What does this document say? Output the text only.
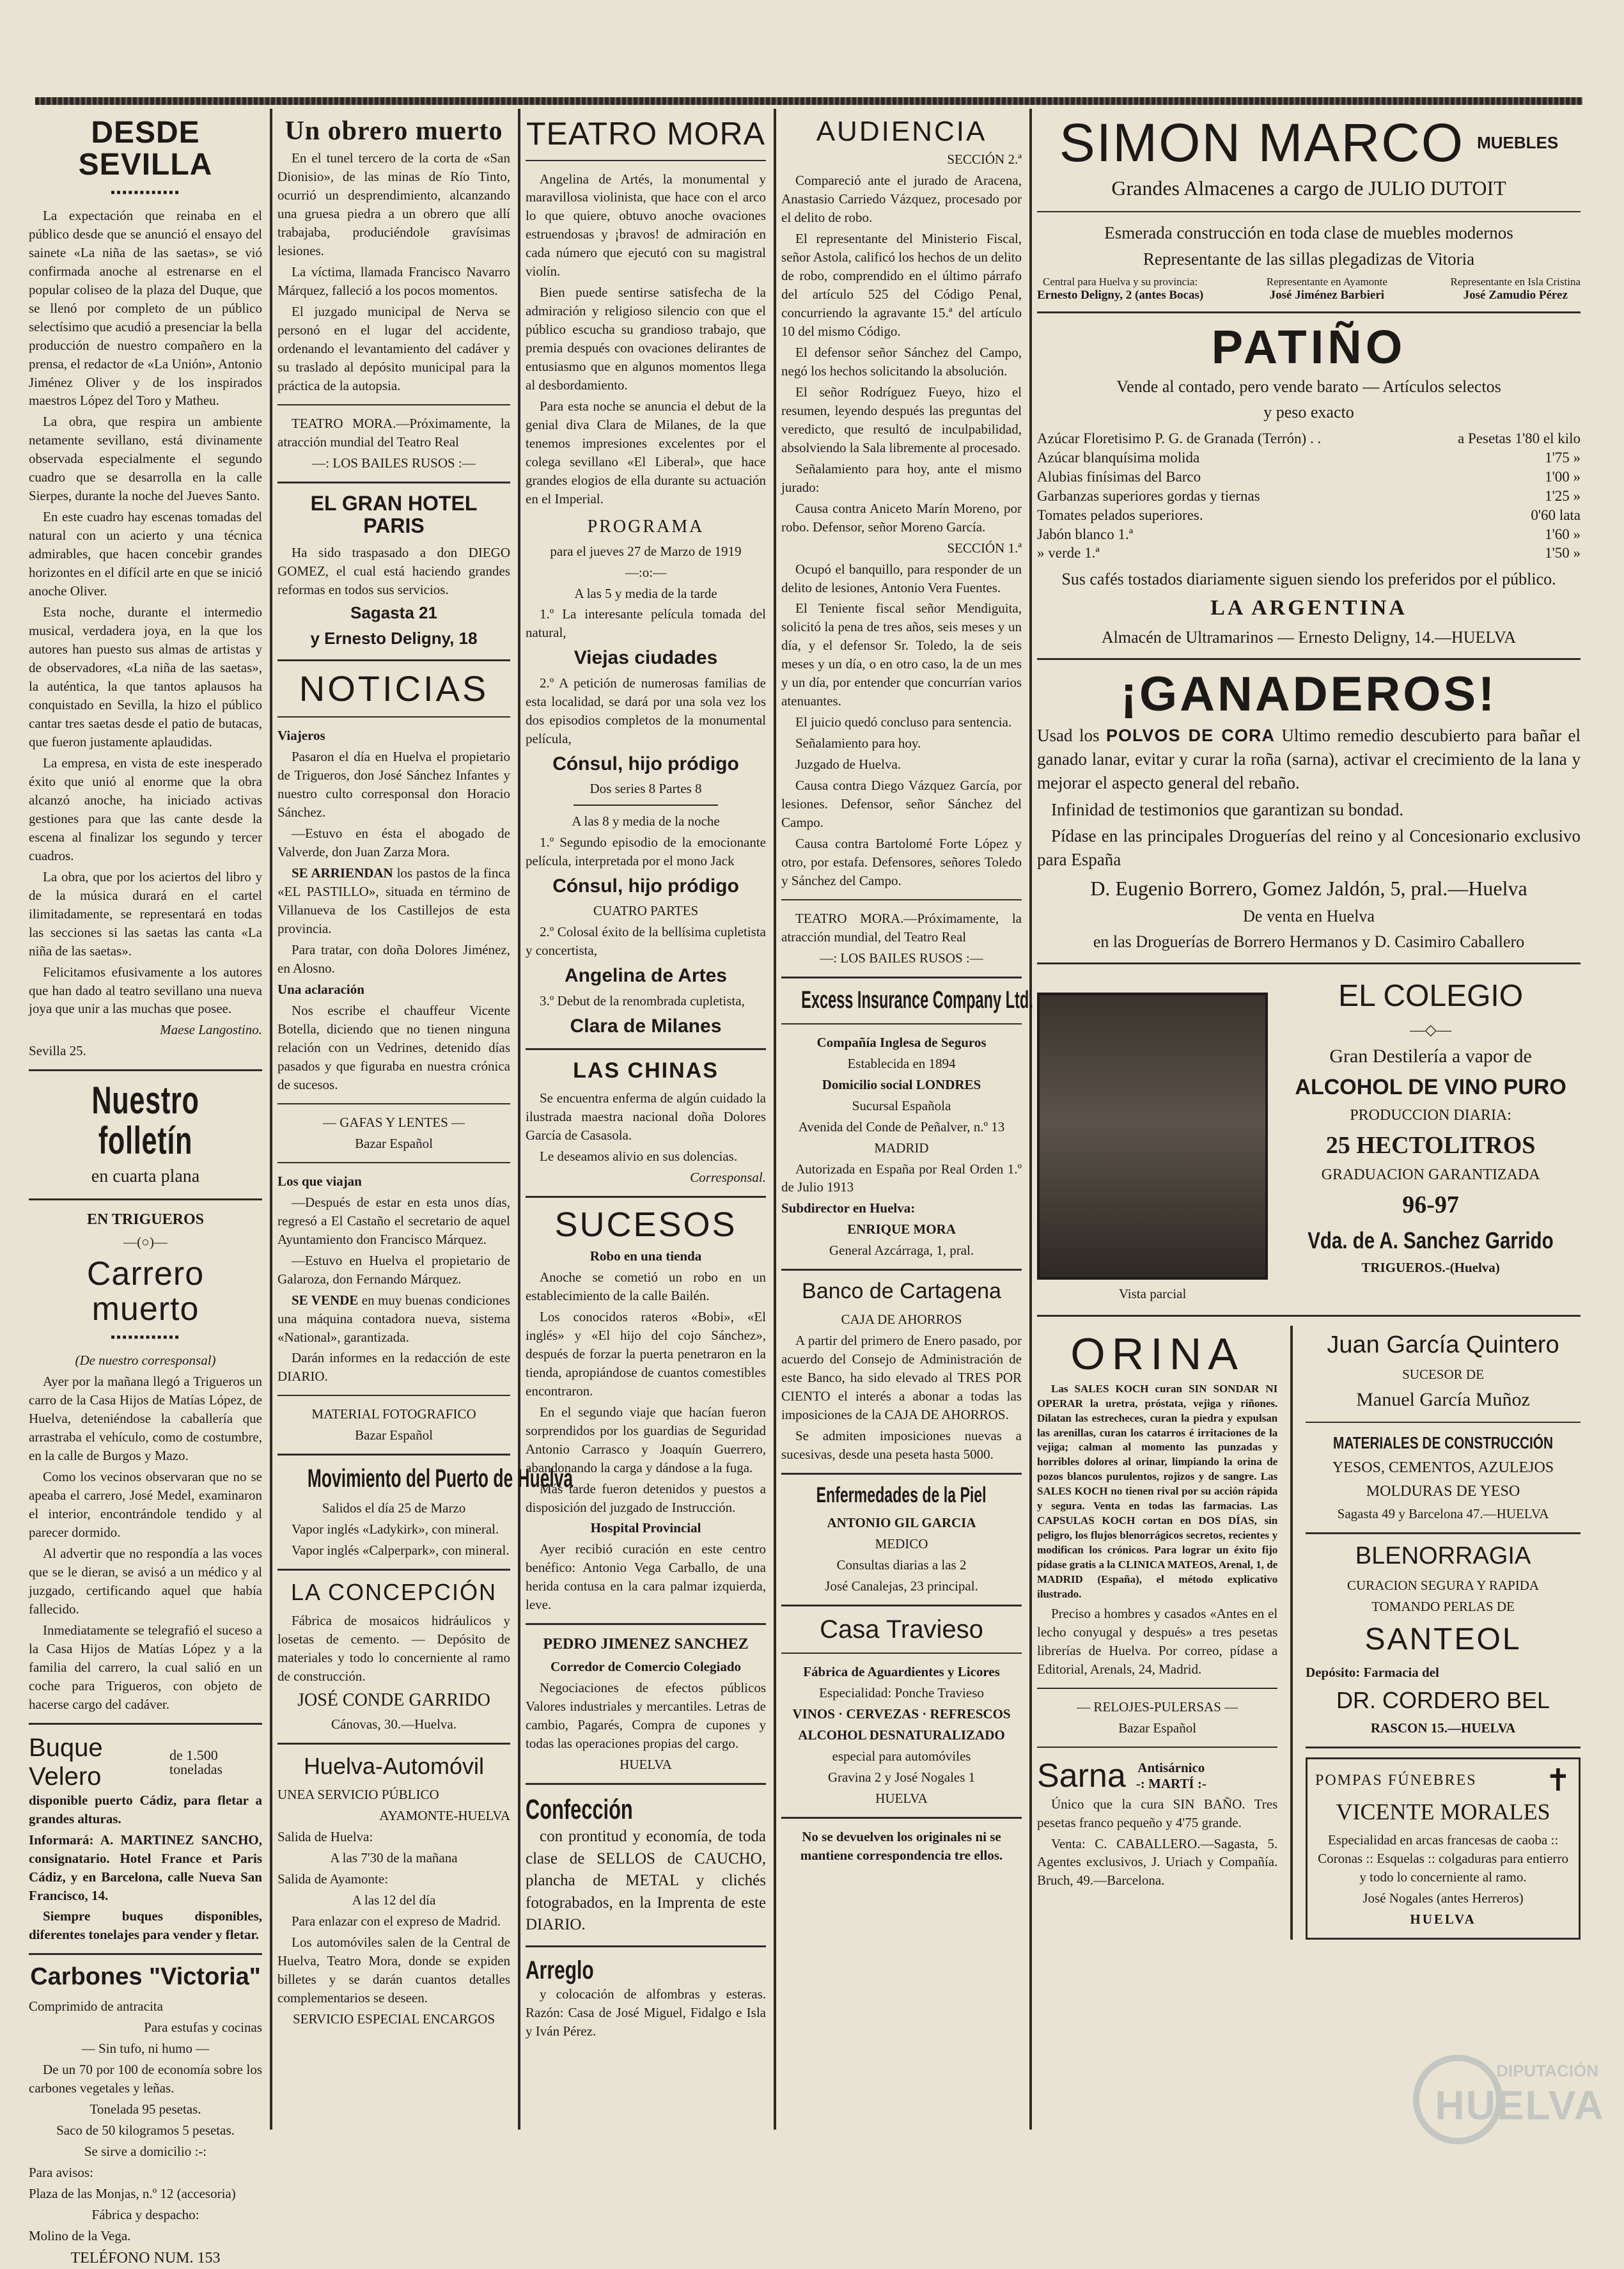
DESDE SEVILLA
▪▪▪▪▪▪▪▪▪▪▪▪

La expectación que reinaba en el público desde que se anunció el ensayo del sainete «La niña de las saetas», se vió confirmada anoche al estrenarse en el popular coliseo de la plaza del Duque, que se llenó por completo de un público selectísimo que acudió a presenciar la bella producción de nuestro compañero en la prensa, el redactor de «La Unión», Antonio Jiménez Oliver y de los inspirados maestros López del Toro y Matheu.

La obra, que respira un ambiente netamente sevillano, está divinamente observada especialmente el segundo cuadro que se desarrolla en la calle Sierpes, durante la noche del Jueves Santo.

En este cuadro hay escenas tomadas del natural con un acierto y una técnica admirables, que hacen concebir grandes horizontes en el difícil arte en que se inició anoche Oliver.

Esta noche, durante el intermedio musical, verdadera joya, en la que los autores han puesto sus almas de artistas y de observadores, «La niña de las saetas», la auténtica, la que tantos aplausos ha conquistado en Sevilla, la hizo el público cantar tres saetas desde el patio de butacas, que fueron justamente aplaudidas.

La empresa, en vista de este inesperado éxito que unió al enorme que la obra alcanzó anoche, ha iniciado activas gestiones para que las cante desde la escena al finalizar los segundo y tercer cuadros.

La obra, que por los aciertos del libro y de la música durará en el cartel ilimitadamente, se representará en todas las secciones si las saetas las canta «La niña de las saetas».

Felicitamos efusivamente a los autores que han dado al teatro sevillano una nueva joya que unir a las muchas que posee.

Maese Langostino.

Sevilla 25.

Nuestro folletín

en cuarta plana

EN TRIGUEROS

—(○)—

Carrero muerto
▪▪▪▪▪▪▪▪▪▪▪▪

(De nuestro corresponsal)

Ayer por la mañana llegó a Trigueros un carro de la Casa Hijos de Matías López, de Huelva, deteniéndose la caballería que arrastraba el vehículo, como de costumbre, en la calle de Burgos y Mazo.

Como los vecinos observaran que no se apeaba el carrero, José Medel, examinaron el interior, encontrándole tendido y al parecer dormido.

Al advertir que no respondía a las voces que se le dieran, se avisó a un médico y al juzgado, certificando aquel que había fallecido.

Inmediatamente se telegrafió el suceso a la Casa Hijos de Matías López y a la familia del carrero, la cual salió en un coche para Trigueros, con objeto de hacerse cargo del cadáver.

Buque Velero
de 1.500 toneladas

disponible puerto Cádiz, para fletar a grandes alturas.

Informará: A. MARTINEZ SANCHO, consignatario. Hotel France et Paris Cádiz, y en Barcelona, calle Nueva San Francisco, 14.

Siempre buques disponibles, diferentes tonelajes para vender y fletar.

Carbones "Victoria"

Comprimido de antracita

Para estufas y cocinas

— Sin tufo, ni humo —

De un 70 por 100 de economía sobre los carbones vegetales y leñas.

Tonelada 95 pesetas.

Saco de 50 kilogramos 5 pesetas.

Se sirve a domicilio :-:

Para avisos:

Plaza de las Monjas, n.º 12 (accesoria)

Fábrica y despacho:

Molino de la Vega.

TELÉFONO NUM. 153

Un obrero muerto

En el tunel tercero de la corta de «San Dionisio», de las minas de Río Tinto, ocurrió un desprendimiento, alcanzando una gruesa piedra a un obrero que allí trabajaba, produciéndole gravísimas lesiones.

La víctima, llamada Francisco Navarro Márquez, falleció a los pocos momentos.

El juzgado municipal de Nerva se personó en el lugar del accidente, ordenando el levantamiento del cadáver y su traslado al depósito municipal para la práctica de la autopsia.

TEATRO MORA.—Próximamente, la atracción mundial del Teatro Real

—: LOS BAILES RUSOS :—

EL GRAN HOTEL PARIS

Ha sido traspasado a don DIEGO GOMEZ, el cual está haciendo grandes reformas en todos sus servicios.

Sagasta 21

y Ernesto Deligny, 18

NOTICIAS

Viajeros

Pasaron el día en Huelva el propietario de Trigueros, don José Sánchez Infantes y nuestro culto corresponsal don Horacio Sánchez.

—Estuvo en ésta el abogado de Valverde, don Juan Zarza Mora.

SE ARRIENDAN los pastos de la finca «EL PASTILLO», situada en término de Villanueva de los Castillejos de esta provincia.

Para tratar, con doña Dolores Jiménez, en Alosno.

Una aclaración

Nos escribe el chauffeur Vicente Botella, diciendo que no tienen ninguna relación con un Vedrines, detenido días pasados y que figuraba en nuestra crónica de sucesos.

— GAFAS Y LENTES —

Bazar Español

Los que viajan

—Después de estar en esta unos días, regresó a El Castaño el secretario de aquel Ayuntamiento don Francisco Márquez.

—Estuvo en Huelva el propietario de Galaroza, don Fernando Márquez.

SE VENDE en muy buenas condiciones una máquina contadora nueva, sistema «National», garantizada.

Darán informes en la redacción de este DIARIO.

MATERIAL FOTOGRAFICO

Bazar Español

Movimiento del Puerto de Huelva

Salidos el día 25 de Marzo

Vapor inglés «Ladykirk», con mineral.

Vapor inglés «Calperpark», con mineral.

LA CONCEPCIÓN

Fábrica de mosaicos hidráulicos y losetas de cemento. — Depósito de materiales y todo lo concerniente al ramo de construcción.

JOSÉ CONDE GARRIDO

Cánovas, 30.—Huelva.

Huelva-Automóvil

UNEA SERVICIO PÚBLICO

AYAMONTE-HUELVA

Salida de Huelva:

A las 7'30 de la mañana

Salida de Ayamonte:

A las 12 del día

Para enlazar con el expreso de Madrid.

Los automóviles salen de la Central de Huelva, Teatro Mora, donde se expiden billetes y se darán cuantos detalles complementarios se deseen.

SERVICIO ESPECIAL ENCARGOS

TEATRO MORA

Angelina de Artés, la monumental y maravillosa violinista, que hace con el arco lo que quiere, obtuvo anoche ovaciones estruendosas y ¡bravos! de admiración en cada número que ejecutó con su magistral violín.

Bien puede sentirse satisfecha de la admiración y religioso silencio con que el público escucha su grandioso trabajo, que premia después con ovaciones delirantes de entusiasmo que en algunos momentos llega al desbordamiento.

Para esta noche se anuncia el debut de la genial diva Clara de Milanes, de la que tenemos impresiones excelentes por el colega sevillano «El Liberal», que hace grandes elogios de ella durante su actuación en el Imperial.

PROGRAMA

para el jueves 27 de Marzo de 1919

—:o:—

A las 5 y media de la tarde

1.º La interesante película tomada del natural,

Viejas ciudades

2.º A petición de numerosas familias de esta localidad, se dará por una sola vez los dos episodios completos de la monumental película,

Cónsul, hijo pródigo

Dos series 8 Partes 8

A las 8 y media de la noche

1.º Segundo episodio de la emocionante película, interpretada por el mono Jack

Cónsul, hijo pródigo

CUATRO PARTES

2.º Colosal éxito de la bellísima cupletista y concertista,

Angelina de Artes

3.º Debut de la renombrada cupletista,

Clara de Milanes

LAS CHINAS

Se encuentra enferma de algún cuidado la ilustrada maestra nacional doña Dolores García de Casasola.

Le deseamos alivio en sus dolencias.

Corresponsal.

SUCESOS

Robo en una tienda

Anoche se cometió un robo en un establecimiento de la calle Bailén.

Los conocidos rateros «Bobi», «El inglés» y «El hijo del cojo Sánchez», después de forzar la puerta penetraron en la tienda, apropiándose de cuantos comestibles encontraron.

En el segundo viaje que hacían fueron sorprendidos por los guardias de Seguridad Antonio Carrasco y Joaquín Guerrero, abandonando la carga y dándose a la fuga.

Más tarde fueron detenidos y puestos a disposición del juzgado de Instrucción.

Hospital Provincial

Ayer recibió curación en este centro benéfico: Antonio Vega Carballo, de una herida contusa en la cara palmar izquierda, leve.

PEDRO JIMENEZ SANCHEZ

Corredor de Comercio Colegiado

Negociaciones de efectos públicos Valores industriales y mercantiles. Letras de cambio, Pagarés, Compra de cupones y todas las operaciones propias del cargo.

HUELVA

Confección

con prontitud y economía, de toda clase de SELLOS de CAUCHO, plancha de METAL y clichés fotograbados, en la Imprenta de este DIARIO.

Arreglo

y colocación de alfombras y esteras. Razón: Casa de José Miguel, Fidalgo e Isla y Iván Pérez.

AUDIENCIA

SECCIÓN 2.ª

Compareció ante el jurado de Aracena, Anastasio Carriedo Vázquez, procesado por el delito de robo.

El representante del Ministerio Fiscal, señor Astola, calificó los hechos de un delito de robo, comprendido en el último párrafo del artículo 525 del Código Penal, concurriendo la agravante 15.ª del artículo 10 del mismo Código.

El defensor señor Sánchez del Campo, negó los hechos solicitando la absolución.

El señor Rodríguez Fueyo, hizo el resumen, leyendo después las preguntas del veredicto, que resultó de inculpabilidad, absolviendo la Sala libremente al procesado.

Señalamiento para hoy, ante el mismo jurado:

Causa contra Aniceto Marín Moreno, por robo. Defensor, señor Moreno García.

SECCIÓN 1.ª

Ocupó el banquillo, para responder de un delito de lesiones, Antonio Vera Fuentes.

El Teniente fiscal señor Mendiguita, solicitó la pena de tres años, seis meses y un día, y el defensor Sr. Toledo, la de seis meses y un día, o en otro caso, la de un mes y un día, por entender que concurrían varios atenuantes.

El juicio quedó concluso para sentencia.

Señalamiento para hoy.

Juzgado de Huelva.

Causa contra Diego Vázquez García, por lesiones. Defensor, señor Sánchez del Campo.

Causa contra Bartolomé Forte López y otro, por estafa. Defensores, señores Toledo y Sánchez del Campo.

TEATRO MORA.—Próximamente, la atracción mundial, del Teatro Real

—: LOS BAILES RUSOS :—

Excess Insurance Company Ltd.

Compañía Inglesa de Seguros

Establecida en 1894

Domicilio social LONDRES

Sucursal Española

Avenida del Conde de Peñalver, n.º 13

MADRID

Autorizada en España por Real Orden 1.º de Julio 1913

Subdirector en Huelva:

ENRIQUE MORA

General Azcárraga, 1, pral.

Banco de Cartagena

CAJA DE AHORROS

A partir del primero de Enero pasado, por acuerdo del Consejo de Administración de este Banco, ha sido elevado al TRES POR CIENTO el interés a abonar a todas las imposiciones de la CAJA DE AHORROS.

Se admiten imposiciones nuevas a sucesivas, desde una peseta hasta 5000.

Enfermedades de la Piel

ANTONIO GIL GARCIA

MEDICO

Consultas diarias a las 2

José Canalejas, 23 principal.

Casa Travieso

Fábrica de Aguardientes y Licores

Especialidad: Ponche Travieso

VINOS · CERVEZAS · REFRESCOS

ALCOHOL DESNATURALIZADO

especial para automóviles

Gravina 2 y José Nogales 1

HUELVA

No se devuelven los originales ni se mantiene correspondencia tre ellos.

SIMON MARCO MUEBLES

Grandes Almacenes a cargo de JULIO DUTOIT

Esmerada construcción en toda clase de muebles modernos

Representante de las sillas plegadizas de Vitoria

Central para Huelva y su provincia:
Ernesto Deligny, 2 (antes Bocas)
Representante en Ayamonte
José Jiménez Barbieri
Representante en Isla Cristina
José Zamudio Pérez
PATIÑO

Vende al contado, pero vende barato — Artículos selectos

y peso exacto

Azúcar Floretisimo P. G. de Granada (Terrón) . .	a Pesetas 1'80 el kilo
Azúcar blanquísima molida	1'75 »
Alubias finísimas del Barco	1'00 »
Garbanzas superiores gordas y tiernas	1'25 »
Tomates pelados superiores.	0'60 lata
Jabón blanco 1.ª	1'60 »
» verde 1.ª	1'50 »

Sus cafés tostados diariamente siguen siendo los preferidos por el público.

LA ARGENTINA

Almacén de Ultramarinos — Ernesto Deligny, 14.—HUELVA

¡GANADEROS!

Usad los POLVOS DE CORA Ultimo remedio descubierto para bañar el ganado lanar, evitar y curar la roña (sarna), activar el crecimiento de la lana y mejorar el aspecto general del rebaño.

Infinidad de testimonios que garantizan su bondad.

Pídase en las principales Droguerías del reino y al Concesionario exclusivo para España

D. Eugenio Borrero, Gomez Jaldón, 5, pral.—Huelva

De venta en Huelva

en las Droguerías de Borrero Hermanos y D. Casimiro Caballero

Vista parcial

EL COLEGIO

—◇—

Gran Destilería a vapor de

ALCOHOL DE VINO PURO

PRODUCCION DIARIA:

25 HECTOLITROS

GRADUACION GARANTIZADA

96-97

Vda. de A. Sanchez Garrido

TRIGUEROS.-(Huelva)

ORINA

Las SALES KOCH curan SIN SONDAR NI OPERAR la uretra, próstata, vejiga y riñones. Dilatan las estrecheces, curan la piedra y expulsan las arenillas, curan los catarros é irritaciones de la vejiga; calman al momento las punzadas y horribles dolores al orinar, limpiando la orina de pozos blancos purulentos, rojizos y de sangre. Las SALES KOCH no tienen rival por su acción rápida y segura. Venta en todas las farmacias. Las CAPSULAS KOCH cortan en DOS DÍAS, sin peligro, los flujos blenorrágicos secretos, recientes y modifican los crónicos. Para lograr un éxito fijo pídase gratis a la CLINICA MATEOS, Arenal, 1, de MADRID (España), el método explicativo ilustrado.

Preciso a hombres y casados «Antes en el lecho conyugal y después» a tres pesetas librerías de Huelva. Por correo, pídase a Editorial, Arenals, 24, Madrid.

— RELOJES-PULERSAS —

Bazar Español

Sarna Antisárnico
-: MARTÍ :-

Único que la cura SIN BAÑO. Tres pesetas franco pequeño y 4'75 grande.

Venta: C. CABALLERO.—Sagasta, 5. Agentes exclusivos, J. Uriach y Compañía. Bruch, 49.—Barcelona.

Juan García Quintero

SUCESOR DE

Manuel García Muñoz

MATERIALES DE CONSTRUCCIÓN

YESOS, CEMENTOS, AZULEJOS

MOLDURAS DE YESO

Sagasta 49 y Barcelona 47.—HUELVA

BLENORRAGIA

CURACION SEGURA Y RAPIDA

TOMANDO PERLAS DE

SANTEOL

Depósito: Farmacia del

DR. CORDERO BEL

RASCON 15.—HUELVA

POMPAS FÚNEBRES ✝

VICENTE MORALES

Especialidad en arcas francesas de caoba :: Coronas :: Esquelas :: colgaduras para entierro y todo lo concerniente al ramo.

José Nogales (antes Herreros)

HUELVA

DIPUTACIÓN
HUELVA
